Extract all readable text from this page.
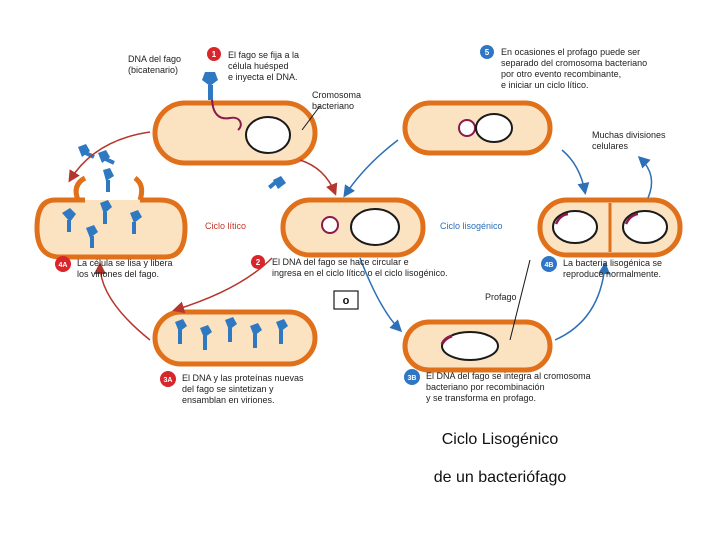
DNA del fago
(bicatenario)
Cromosoma
bacteriano
Muchas divisiones
celulares
Profago
Ciclo lítico	Ciclo lisogénico
o
1 El fago se fija a la
célula huésped
e inyecta el DNA.
2 El DNA del fago se hace circular e
ingresa en el ciclo lítico o el ciclo lisogénico.
3A El DNA y las proteínas nuevas
del fago se sintetizan y
ensamblan en viriones.
4A La célula se lisa y libera
los viriones del fago.
3B El DNA del fago se integra al cromosoma
bacteriano por recombinación
y se transforma en profago.
4B La bacteria lisogénica se
reproduce normalmente.
5 En ocasiones el profago puede ser
separado del cromosoma bacteriano
por otro evento recombinante,
e iniciar un ciclo lítico.
Ciclo Lisogénico
de un bacteriófago
